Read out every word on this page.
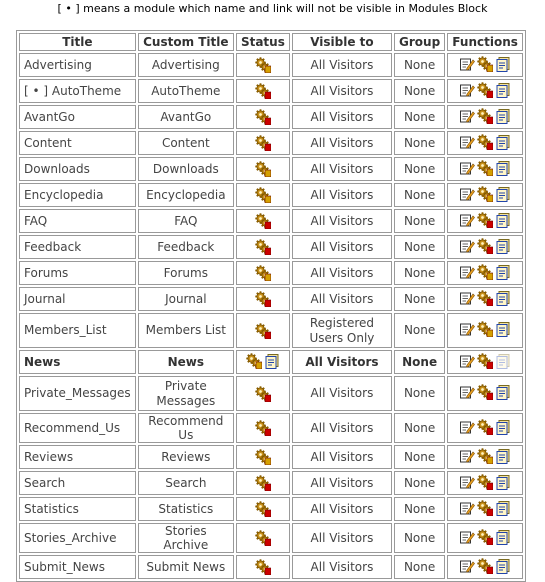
[ • ] means a module which name and link will not be visible in Modules Block
Title	Custom Title	Status	Visible to	Group	Functions
Advertising	Advertising		All Visitors	None	

[ • ] AutoTheme	AutoTheme		All Visitors	None	

AvantGo	AvantGo		All Visitors	None	

Content	Content		All Visitors	None	

Downloads	Downloads		All Visitors	None	

Encyclopedia	Encyclopedia		All Visitors	None	

FAQ	FAQ		All Visitors	None	

Feedback	Feedback		All Visitors	None	

Forums	Forums		All Visitors	None	

Journal	Journal		All Visitors	None	

Members_List	Members List		Registered Users Only	None	

News	News		All Visitors	None	

Private_Messages	Private Messages		All Visitors	None	

Recommend_Us	Recommend Us		All Visitors	None	

Reviews	Reviews		All Visitors	None	

Search	Search		All Visitors	None	

Statistics	Statistics		All Visitors	None	

Stories_Archive	Stories Archive		All Visitors	None	

Submit_News	Submit News		All Visitors	None	
